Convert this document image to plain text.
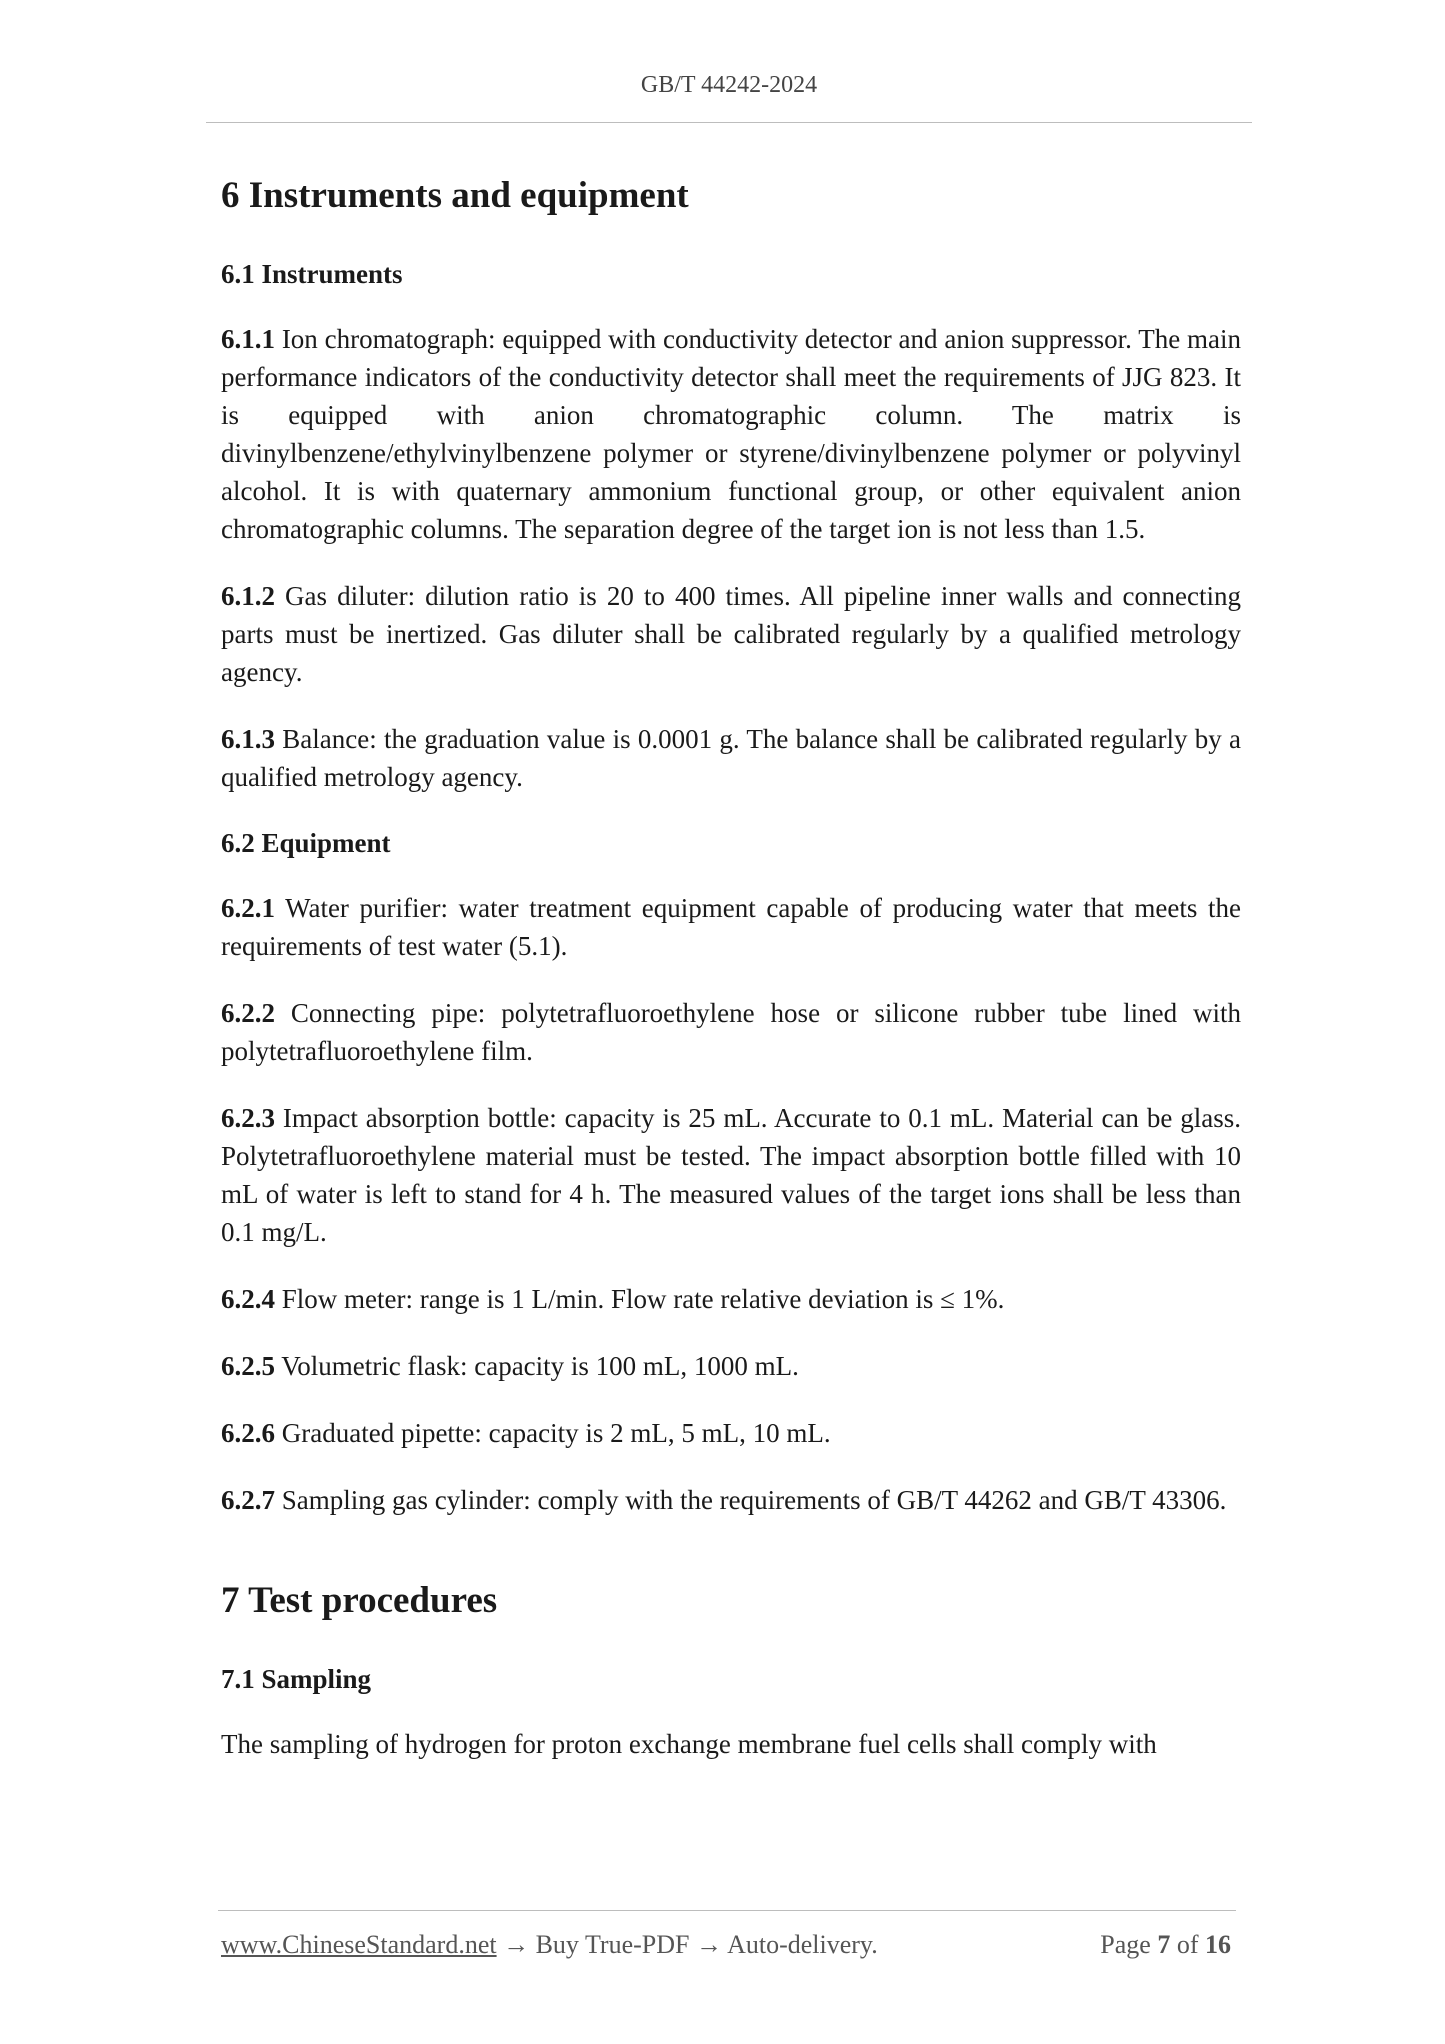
GB/T 44242-2024
6 Instruments and equipment
6.1 Instruments

6.1.1 Ion chromatograph: equipped with conductivity detector and anion suppressor. The main performance indicators of the conductivity detector shall meet the requirements of JJG 823. It is equipped with anion chromatographic column. The matrix is divinylbenzene/ethylvinylbenzene polymer or styrene/divinylbenzene polymer or polyvinyl alcohol. It is with quaternary ammonium functional group, or other equivalent anion chromatographic columns. The separation degree of the target ion is not less than 1.5.

6.1.2 Gas diluter: dilution ratio is 20 to 400 times. All pipeline inner walls and connecting parts must be inertized. Gas diluter shall be calibrated regularly by a qualified metrology agency.

6.1.3 Balance: the graduation value is 0.0001 g. The balance shall be calibrated regularly by a qualified metrology agency.

6.2 Equipment

6.2.1 Water purifier: water treatment equipment capable of producing water that meets the requirements of test water (5.1).

6.2.2 Connecting pipe: polytetrafluoroethylene hose or silicone rubber tube lined with polytetrafluoroethylene film.

6.2.3 Impact absorption bottle: capacity is 25 mL. Accurate to 0.1 mL. Material can be glass. Polytetrafluoroethylene material must be tested. The impact absorption bottle filled with 10 mL of water is left to stand for 4 h. The measured values of the target ions shall be less than 0.1 mg/L.

6.2.4 Flow meter: range is 1 L/min. Flow rate relative deviation is ≤ 1%.

6.2.5 Volumetric flask: capacity is 100 mL, 1000 mL.

6.2.6 Graduated pipette: capacity is 2 mL, 5 mL, 10 mL.

6.2.7 Sampling gas cylinder: comply with the requirements of GB/T 44262 and GB/T 43306.

7 Test procedures
7.1 Sampling

The sampling of hydrogen for proton exchange membrane fuel cells shall comply with

www.ChineseStandard.net → Buy True-PDF → Auto-delivery.	Page 7 of 16
